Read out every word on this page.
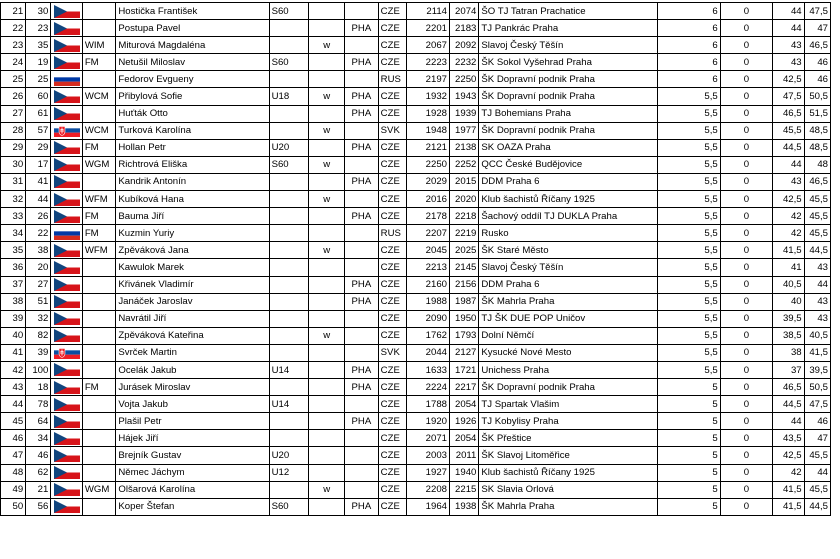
21	30			Hostička František	S60			CZE	2114	2074	ŠO TJ Tatran Prachatice	6	0	44	47,5
22	23			Postupa Pavel			PHA	CZE	2201	2183	TJ Pankrác Praha	6	0	44	47
23	35		WIM	Miturová Magdaléna		w		CZE	2067	2092	Slavoj Český Těšín	6	0	43	46,5
24	19		FM	Netušil Miloslav	S60		PHA	CZE	2223	2232	ŠK Sokol Vyšehrad Praha	6	0	43	46
25	25			Fedorov Evgueny				RUS	2197	2250	ŠK Dopravní podnik Praha	6	0	42,5	46
26	60		WCM	Přibylová Sofie	U18	w	PHA	CZE	1932	1943	ŠK Dopravní podnik Praha	5,5	0	47,5	50,5
27	61			Huťták Otto			PHA	CZE	1928	1939	TJ Bohemians Praha	5,5	0	46,5	51,5
28	57		WCM	Turková Karolína		w		SVK	1948	1977	ŠK Dopravní podnik Praha	5,5	0	45,5	48,5
29	29		FM	Hollan Petr	U20		PHA	CZE	2121	2138	SK OAZA Praha	5,5	0	44,5	48,5
30	17		WGM	Richtrová Eliška	S60	w		CZE	2250	2252	QCC České Budějovice	5,5	0	44	48
31	41			Kandrik Antonín			PHA	CZE	2029	2015	DDM Praha 6	5,5	0	43	46,5
32	44		WFM	Kubíková Hana		w		CZE	2016	2020	Klub šachistů Říčany 1925	5,5	0	42,5	45,5
33	26		FM	Bauma Jiří			PHA	CZE	2178	2218	Šachový oddíl TJ DUKLA Praha	5,5	0	42	45,5
34	22		FM	Kuzmin Yuriy				RUS	2207	2219	Rusko	5,5	0	42	45,5
35	38		WFM	Zpěváková Jana		w		CZE	2045	2025	ŠK Staré Město	5,5	0	41,5	44,5
36	20			Kawulok Marek				CZE	2213	2145	Slavoj Český Těšín	5,5	0	41	43
37	27			Křivánek Vladimír			PHA	CZE	2160	2156	DDM Praha 6	5,5	0	40,5	44
38	51			Janáček Jaroslav			PHA	CZE	1988	1987	ŠK Mahrla Praha	5,5	0	40	43
39	32			Navrátil Jiří				CZE	2090	1950	TJ ŠK DUE POP Uničov	5,5	0	39,5	43
40	82			Zpěváková Kateřina		w		CZE	1762	1793	Dolní Němčí	5,5	0	38,5	40,5
41	39			Svrček Martin				SVK	2044	2127	Kysucké Nové Mesto	5,5	0	38	41,5
42	100			Ocelák Jakub	U14		PHA	CZE	1633	1721	Unichess Praha	5,5	0	37	39,5
43	18		FM	Jurásek Miroslav			PHA	CZE	2224	2217	ŠK Dopravní podnik Praha	5	0	46,5	50,5
44	78			Vojta Jakub	U14			CZE	1788	2054	TJ Spartak Vlašim	5	0	44,5	47,5
45	64			Plašil Petr			PHA	CZE	1920	1926	TJ Kobylisy Praha	5	0	44	46
46	34			Hájek Jiří				CZE	2071	2054	ŠK Přeštice	5	0	43,5	47
47	46			Brejník Gustav	U20			CZE	2003	2011	ŠK Slavoj Litoměřice	5	0	42,5	45,5
48	62			Němec Jáchym	U12			CZE	1927	1940	Klub šachistů Říčany 1925	5	0	42	44
49	21		WGM	Olšarová Karolína		w		CZE	2208	2215	SK Slavia Orlová	5	0	41,5	45,5
50	56			Koper Štefan	S60		PHA	CZE	1964	1938	ŠK Mahrla Praha	5	0	41,5	44,5
